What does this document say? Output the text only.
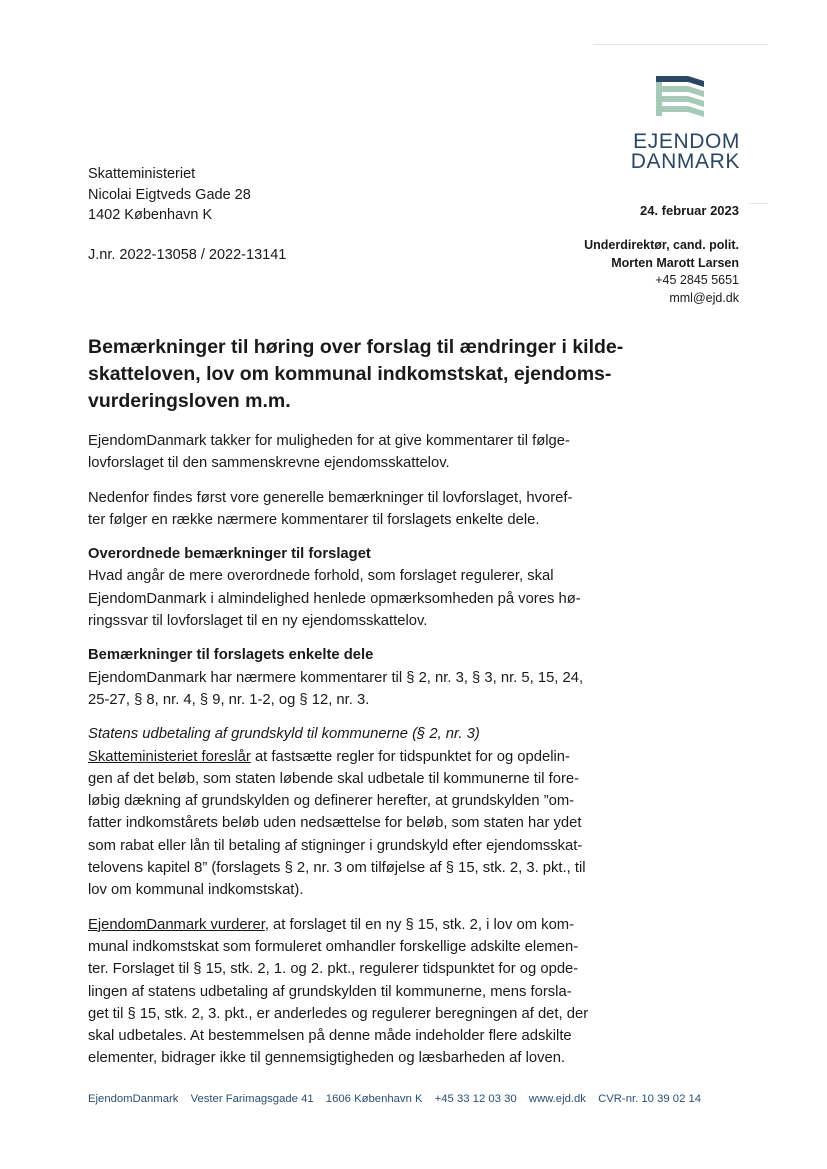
EJENDOM
DANMARK
Skatteministeriet
Nicolai Eigtveds Gade 28
1402 København K
J.nr. 2022-13058 / 2022-13141
24. februar 2023
Underdirektør, cand. polit.
Morten Marott Larsen
+45 2845 5651
mml@ejd.dk
Bemærkninger til høring over forslag til ændringer i kilde-
skatteloven, lov om kommunal indkomstskat, ejendoms-
vurderingsloven m.m.
EjendomDanmark takker for muligheden for at give kommentarer til følge-
lovforslaget til den sammenskrevne ejendomsskattelov.
Nedenfor findes først vore generelle bemærkninger til lovforslaget, hvoref-
ter følger en række nærmere kommentarer til forslagets enkelte dele.
Overordnede bemærkninger til forslaget
Hvad angår de mere overordnede forhold, som forslaget regulerer, skal
EjendomDanmark i almindelighed henlede opmærksomheden på vores hø-
ringssvar til lovforslaget til en ny ejendomsskattelov.
Bemærkninger til forslagets enkelte dele
EjendomDanmark har nærmere kommentarer til § 2, nr. 3, § 3, nr. 5, 15, 24,
25-27, § 8, nr. 4, § 9, nr. 1-2, og § 12, nr. 3.
Statens udbetaling af grundskyld til kommunerne (§ 2, nr. 3)
Skatteministeriet foreslår at fastsætte regler for tidspunktet for og opdelin-
gen af det beløb, som staten løbende skal udbetale til kommunerne til fore-
løbig dækning af grundskylden og definerer herefter, at grundskylden ”om-
fatter indkomstårets beløb uden nedsættelse for beløb, som staten har ydet
som rabat eller lån til betaling af stigninger i grundskyld efter ejendomsskat-
telovens kapitel 8” (forslagets § 2, nr. 3 om tilføjelse af § 15, stk. 2, 3. pkt., til
lov om kommunal indkomstskat).
EjendomDanmark vurderer, at forslaget til en ny § 15, stk. 2, i lov om kom-
munal indkomstskat som formuleret omhandler forskellige adskilte elemen-
ter. Forslaget til § 15, stk. 2, 1. og 2. pkt., regulerer tidspunktet for og opde-
lingen af statens udbetaling af grundskylden til kommunerne, mens forsla-
get til § 15, stk. 2, 3. pkt., er anderledes og regulerer beregningen af det, der
skal udbetales. At bestemmelsen på denne måde indeholder flere adskilte
elementer, bidrager ikke til gennemsigtigheden og læsbarheden af loven.
EjendomDanmark Vester Farimagsgade 41 1606 København K +45 33 12 03 30 www.ejd.dk CVR-nr. 10 39 02 14
